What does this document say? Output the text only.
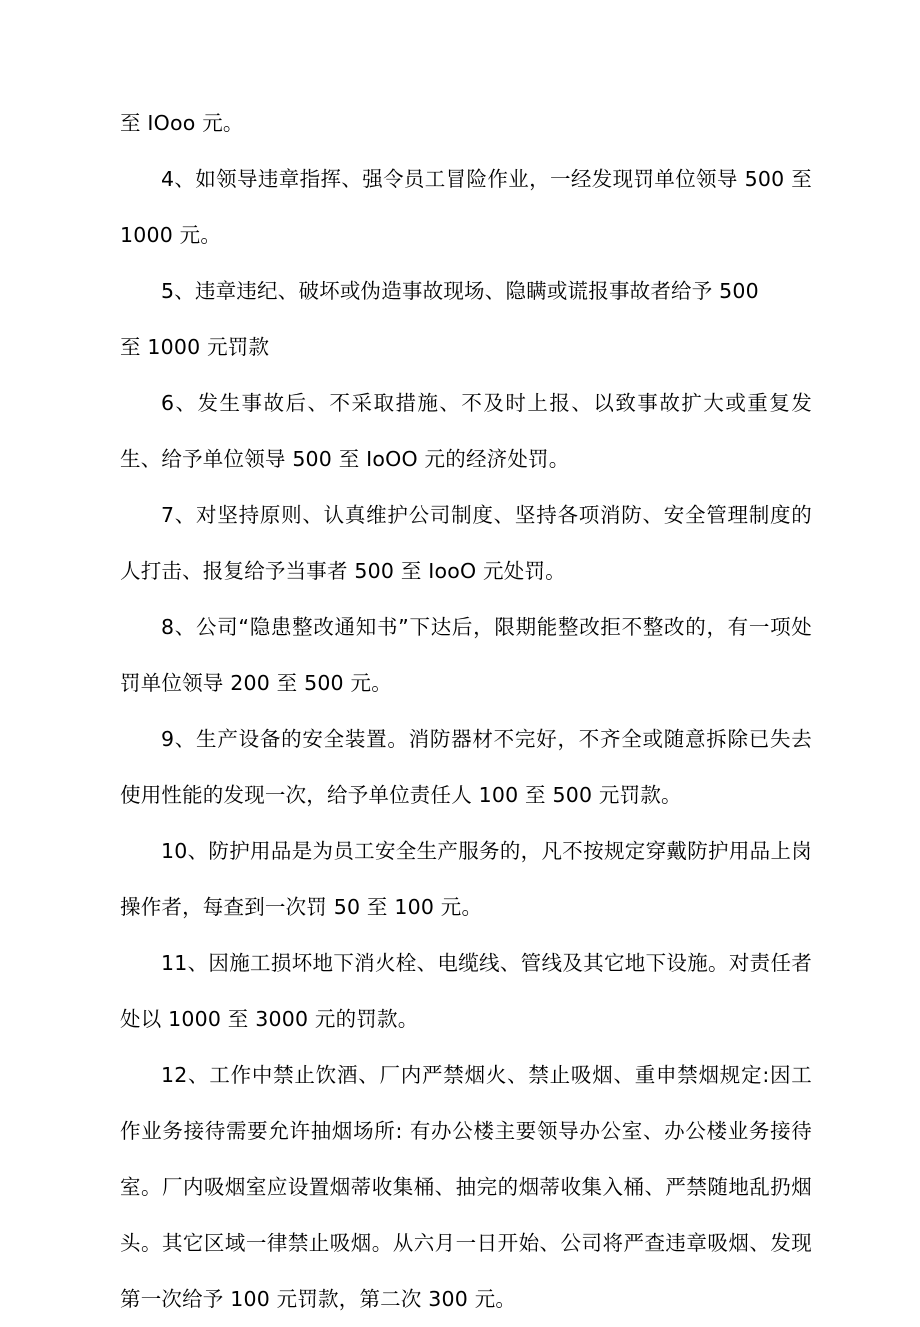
至 IOoo 元。

4、如领导违章指挥、强令员工冒险作业，一经发现罚单位领导 500 至 1000 元。

5、违章违纪、破坏或伪造事故现场、隐瞒或谎报事故者给予 500

至 1000 元罚款

6、发生事故后、不采取措施、不及时上报、以致事故扩大或重复发生、给予单位领导 500 至 IoOO 元的经济处罚。

7、对坚持原则、认真维护公司制度、坚持各项消防、安全管理制度的人打击、报复给予当事者 500 至 IooO 元处罚。

8、公司“隐患整改通知书”下达后，限期能整改拒不整改的，有一项处罚单位领导 200 至 500 元。

9、生产设备的安全装置。消防器材不完好，不齐全或随意拆除已失去使用性能的发现一次，给予单位责任人 100 至 500 元罚款。

10、防护用品是为员工安全生产服务的，凡不按规定穿戴防护用品上岗操作者，每查到一次罚 50 至 100 元。

11、因施工损坏地下消火栓、电缆线、管线及其它地下设施。对责任者处以 1000 至 3000 元的罚款。

12、工作中禁止饮酒、厂内严禁烟火、禁止吸烟、重申禁烟规定:因工作业务接待需要允许抽烟场所: 有办公楼主要领导办公室、办公楼业务接待室。厂内吸烟室应设置烟蒂收集桶、抽完的烟蒂收集入桶、严禁随地乱扔烟头。其它区域一律禁止吸烟。从六月一日开始、公司将严查违章吸烟、发现第一次给予 100 元罚款，第二次 300 元。
